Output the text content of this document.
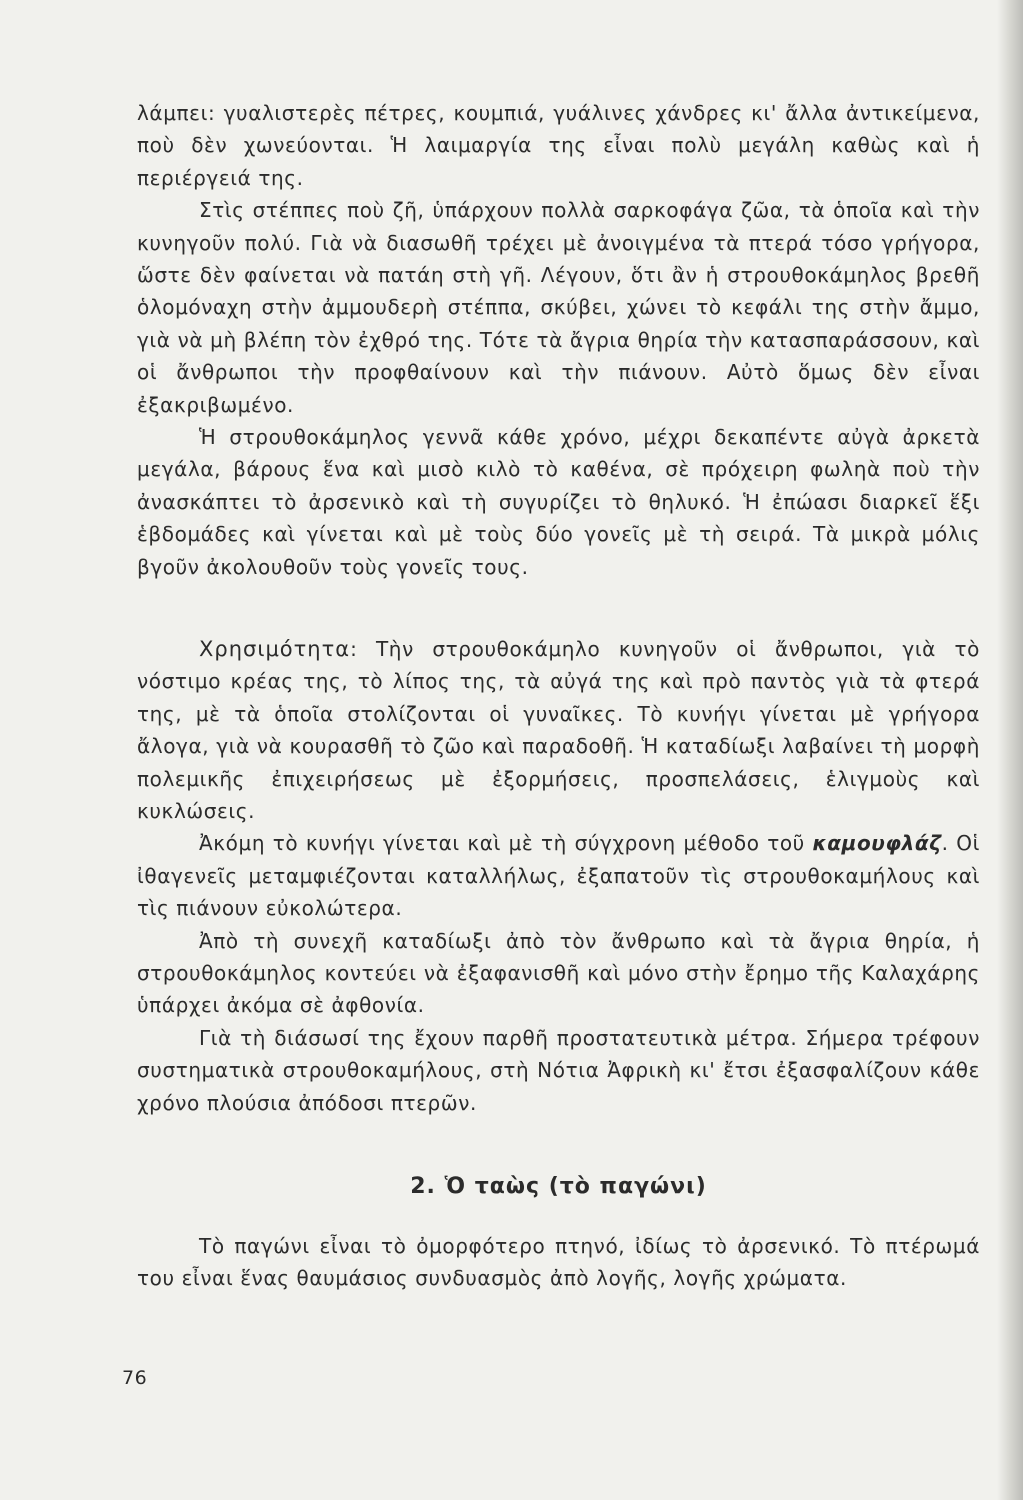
λάμπει: γυαλιστερὲς πέτρες, κουμπιά, γυάλινες χάνδρες κι' ἄλλα ἀντικείμενα, ποὺ δὲν χωνεύονται. Ἡ λαιμαργία της εἶναι πολὺ μεγάλη καθὼς καὶ ἡ περιέργειά της.

Στὶς στέππες ποὺ ζῆ, ὑπάρχουν πολλὰ σαρκοφάγα ζῶα, τὰ ὁποῖα καὶ τὴν κυνηγοῦν πολύ. Γιὰ νὰ διασωθῆ τρέχει μὲ ἀνοιγμένα τὰ πτερά τόσο γρήγορα, ὥστε δὲν φαίνεται νὰ πατάη στὴ γῆ. Λέγουν, ὅτι ἂν ἡ στρουθοκάμηλος βρεθῆ ὁλομόναχη στὴν ἀμμουδερὴ στέππα, σκύβει, χώνει τὸ κεφάλι της στὴν ἄμμο, γιὰ νὰ μὴ βλέπη τὸν ἐχθρό της. Τότε τὰ ἄγρια θηρία τὴν κατασπαράσσουν, καὶ οἱ ἄνθρωποι τὴν προφθαίνουν καὶ τὴν πιάνουν. Αὐτὸ ὅμως δὲν εἶναι ἐξακριβωμένο.

Ἡ στρουθοκάμηλος γεννᾶ κάθε χρόνο, μέχρι δεκαπέντε αὐγὰ ἀρκετὰ μεγάλα, βάρους ἕνα καὶ μισὸ κιλὸ τὸ καθένα, σὲ πρόχειρη φωληὰ ποὺ τὴν ἀνασκάπτει τὸ ἀρσενικὸ καὶ τὴ συγυρίζει τὸ θηλυκό. Ἡ ἐπώασι διαρκεῖ ἕξι ἑβδομάδες καὶ γίνεται καὶ μὲ τοὺς δύο γονεῖς μὲ τὴ σειρά. Τὰ μικρὰ μόλις βγοῦν ἀκολουθοῦν τοὺς γονεῖς τους.

Χρησιμότητα: Τὴν στρουθοκάμηλο κυνηγοῦν οἱ ἄνθρωποι, γιὰ τὸ νόστιμο κρέας της, τὸ λίπος της, τὰ αὐγά της καὶ πρὸ παντὸς γιὰ τὰ φτερά της, μὲ τὰ ὁποῖα στολίζονται οἱ γυναῖκες. Τὸ κυνήγι γίνεται μὲ γρήγορα ἄλογα, γιὰ νὰ κουρασθῆ τὸ ζῶο καὶ παραδοθῆ. Ἡ καταδίωξι λαβαίνει τὴ μορφὴ πολεμικῆς ἐπιχειρήσεως μὲ ἐξορμήσεις, προσπελάσεις, ἑλιγμοὺς καὶ κυκλώσεις.

Ἀκόμη τὸ κυνήγι γίνεται καὶ μὲ τὴ σύγχρονη μέθοδο τοῦ καμουφλάζ. Οἱ ἰθαγενεῖς μεταμφιέζονται καταλλήλως, ἐξαπατοῦν τὶς στρουθοκαμήλους καὶ τὶς πιάνουν εὐκολώτερα.

Ἀπὸ τὴ συνεχῆ καταδίωξι ἀπὸ τὸν ἄνθρωπο καὶ τὰ ἄγρια θηρία, ἡ στρουθοκάμηλος κοντεύει νὰ ἐξαφανισθῆ καὶ μόνο στὴν ἔρημο τῆς Καλαχάρης ὑπάρχει ἀκόμα σὲ ἀφθονία.

Γιὰ τὴ διάσωσί της ἔχουν παρθῆ προστατευτικὰ μέτρα. Σήμερα τρέφουν συστηματικὰ στρουθοκαμήλους, στὴ Νότια Ἀφρικὴ κι' ἔτσι ἐξασφαλίζουν κάθε χρόνο πλούσια ἀπόδοσι πτερῶν.

2. Ὁ ταὼς (τὸ παγώνι)

Τὸ παγώνι εἶναι τὸ ὀμορφότερο πτηνό, ἰδίως τὸ ἀρσενικό. Τὸ πτέρωμά του εἶναι ἕνας θαυμάσιος συνδυασμὸς ἀπὸ λογῆς, λογῆς χρώματα.

76
